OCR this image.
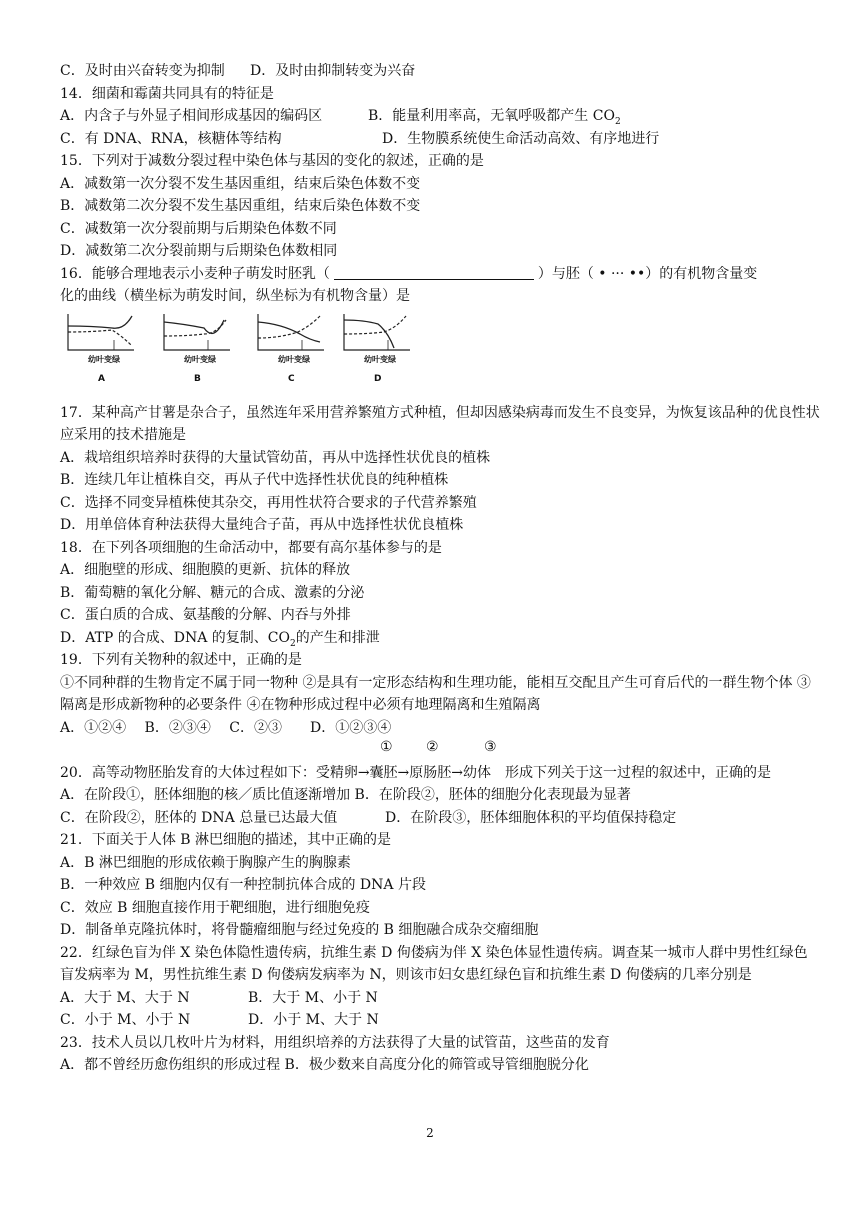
C．及时由兴奋转变为抑制	D．及时由抑制转变为兴奋
14．细菌和霉菌共同具有的特征是
A．内含子与外显子相间形成基因的编码区	B．能量利用率高，无氧呼吸都产生 $CO_2$
C．有 DNA、RNA，核糖体等结构	D．生物膜系统使生命活动高效、有序地进行
15．下列对于减数分裂过程中染色体与基因的变化的叙述，正确的是
A．减数第一次分裂不发生基因重组，结束后染色体数不变
B．减数第二次分裂不发生基因重组，结束后染色体数不变
C．减数第一次分裂前期与后期染色体数不同
D．减数第二次分裂前期与后期染色体数相同
16．能够合理地表示小麦种子萌发时胚乳（	）与胚（ • ··· ••）的有机物含量变
化的曲线（横坐标为萌发时间，纵坐标为有机物含量）是
幼叶变绿
A
幼叶变绿
B
幼叶变绿
C
幼叶变绿
D
17．某种高产甘薯是杂合子，虽然连年采用营养繁殖方式种植，但却因感染病毒而发生不良变异，为恢复该品种的优良性状应采用的技术措施是
A．栽培组织培养时获得的大量试管幼苗，再从中选择性状优良的植株
B．连续几年让植株自交，再从子代中选择性状优良的纯种植株
C．选择不同变异植株使其杂交，再用性状符合要求的子代营养繁殖
D．用单倍体育种法获得大量纯合子苗，再从中选择性状优良植株
18．在下列各项细胞的生命活动中，都要有高尔基体参与的是
A．细胞壁的形成、细胞膜的更新、抗体的释放
B．葡萄糖的氧化分解、糖元的合成、激素的分泌
C．蛋白质的合成、氨基酸的分解、内吞与外排
D．ATP 的合成、DNA 的复制、$CO_2$的产生和排泄
19．下列有关物种的叙述中，正确的是
①不同种群的生物肯定不属于同一物种 ②是具有一定形态结构和生理功能，能相互交配且产生可育后代的一群生物个体 ③隔离是形成新物种的必要条件 ④在物种形成过程中必须有地理隔离和生殖隔离
A．①②④　 B．②③④　 C．②③　　D．①②③④
① ②	③
20．高等动物胚胎发育的大体过程如下：受精卵→囊胚→原肠胚→幼体　形成下列关于这一过程的叙述中，正确的是
A．在阶段①，胚体细胞的核／质比值逐渐增加 B．在阶段②，胚体的细胞分化表现最为显著
C．在阶段②，胚体的 DNA 总量已达最大值	D．在阶段③，胚体细胞体积的平均值保持稳定
21．下面关于人体 B 淋巴细胞的描述，其中正确的是
A．B 淋巴细胞的形成依赖于胸腺产生的胸腺素
B．一种效应 B 细胞内仅有一种控制抗体合成的 DNA 片段
C．效应 B 细胞直接作用于靶细胞，进行细胞免疫
D．制备单克隆抗体时，将骨髓瘤细胞与经过免疫的 B 细胞融合成杂交瘤细胞
22．红绿色盲为伴 X 染色体隐性遗传病，抗维生素 D 佝偻病为伴 X 染色体显性遗传病。调查某一城市人群中男性红绿色盲发病率为 M，男性抗维生素 D 佝偻病发病率为 N，则该市妇女患红绿色盲和抗维生素 D 佝偻病的几率分别是
A．大于 M、大于 N	B．大于 M、小于 N
C．小于 M、小于 N	D．小于 M、大于 N
23．技术人员以几枚叶片为材料，用组织培养的方法获得了大量的试管苗，这些苗的发育
A．都不曾经历愈伤组织的形成过程 B．极少数来自高度分化的筛管或导管细胞脱分化
2
